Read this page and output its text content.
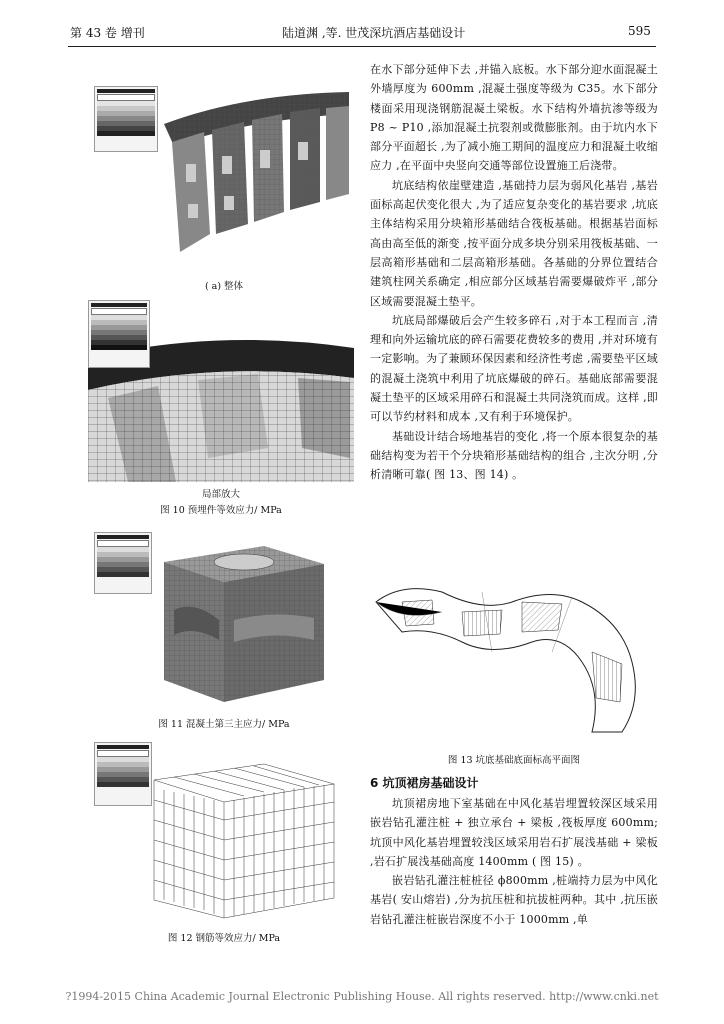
第 43 卷 增刊	陆道渊 ,等. 世茂深坑酒店基础设计	595
( a) 整体
局部放大
图 10 预埋件等效应力/ MPa
图 11 混凝土第三主应力/ MPa
图 12 钢筋等效应力/ MPa

在水下部分延伸下去 ,并锚入底板。水下部分迎水面混凝土外墙厚度为 600mm ,混凝土强度等级为 C35。水下部分楼面采用现浇钢筋混凝土梁板。水下结构外墙抗渗等级为 P8 ~ P10 ,添加混凝土抗裂剂或微膨胀剂。由于坑内水下部分平面超长 ,为了减小施工期间的温度应力和混凝土收缩应力 ,在平面中央竖向交通等部位设置施工后浇带。

坑底结构依崖壁建造 ,基础持力层为弱风化基岩 ,基岩面标高起伏变化很大 ,为了适应复杂变化的基岩要求 ,坑底主体结构采用分块箱形基础结合筏板基础。根据基岩面标高由高至低的渐变 ,按平面分成多块分别采用筏板基础、一层高箱形基础和二层高箱形基础。各基础的分界位置结合建筑柱网关系确定 ,相应部分区域基岩需要爆破炸平 ,部分区域需要混凝土垫平。

坑底局部爆破后会产生较多碎石 ,对于本工程而言 ,清理和向外运输坑底的碎石需要花费较多的费用 ,并对环境有一定影响。为了兼顾环保因素和经济性考虑 ,需要垫平区域的混凝土浇筑中利用了坑底爆破的碎石。基础底部需要混凝土垫平的区域采用碎石和混凝土共同浇筑而成。这样 ,即可以节约材料和成本 ,又有利于环境保护。

基础设计结合场地基岩的变化 ,将一个原本很复杂的基础结构变为若干个分块箱形基础结构的组合 ,主次分明 ,分析清晰可靠( 图 13、图 14) 。

图 13 坑底基础底面标高平面图
6 坑顶裙房基础设计

坑顶裙房地下室基础在中风化基岩埋置较深区域采用嵌岩钻孔灌注桩 + 独立承台 + 梁板 ,筏板厚度 600mm; 坑顶中风化基岩埋置较浅区域采用岩石扩展浅基础 + 梁板 ,岩石扩展浅基础高度 1400mm ( 图 15) 。

嵌岩钻孔灌注桩桩径 ϕ800mm ,桩端持力层为中风化基岩( 安山熔岩) ,分为抗压桩和抗拔桩两种。其中 ,抗压嵌岩钻孔灌注桩嵌岩深度不小于 1000mm ,单

?1994-2015 China Academic Journal Electronic Publishing House. All rights reserved. http://www.cnki.net
